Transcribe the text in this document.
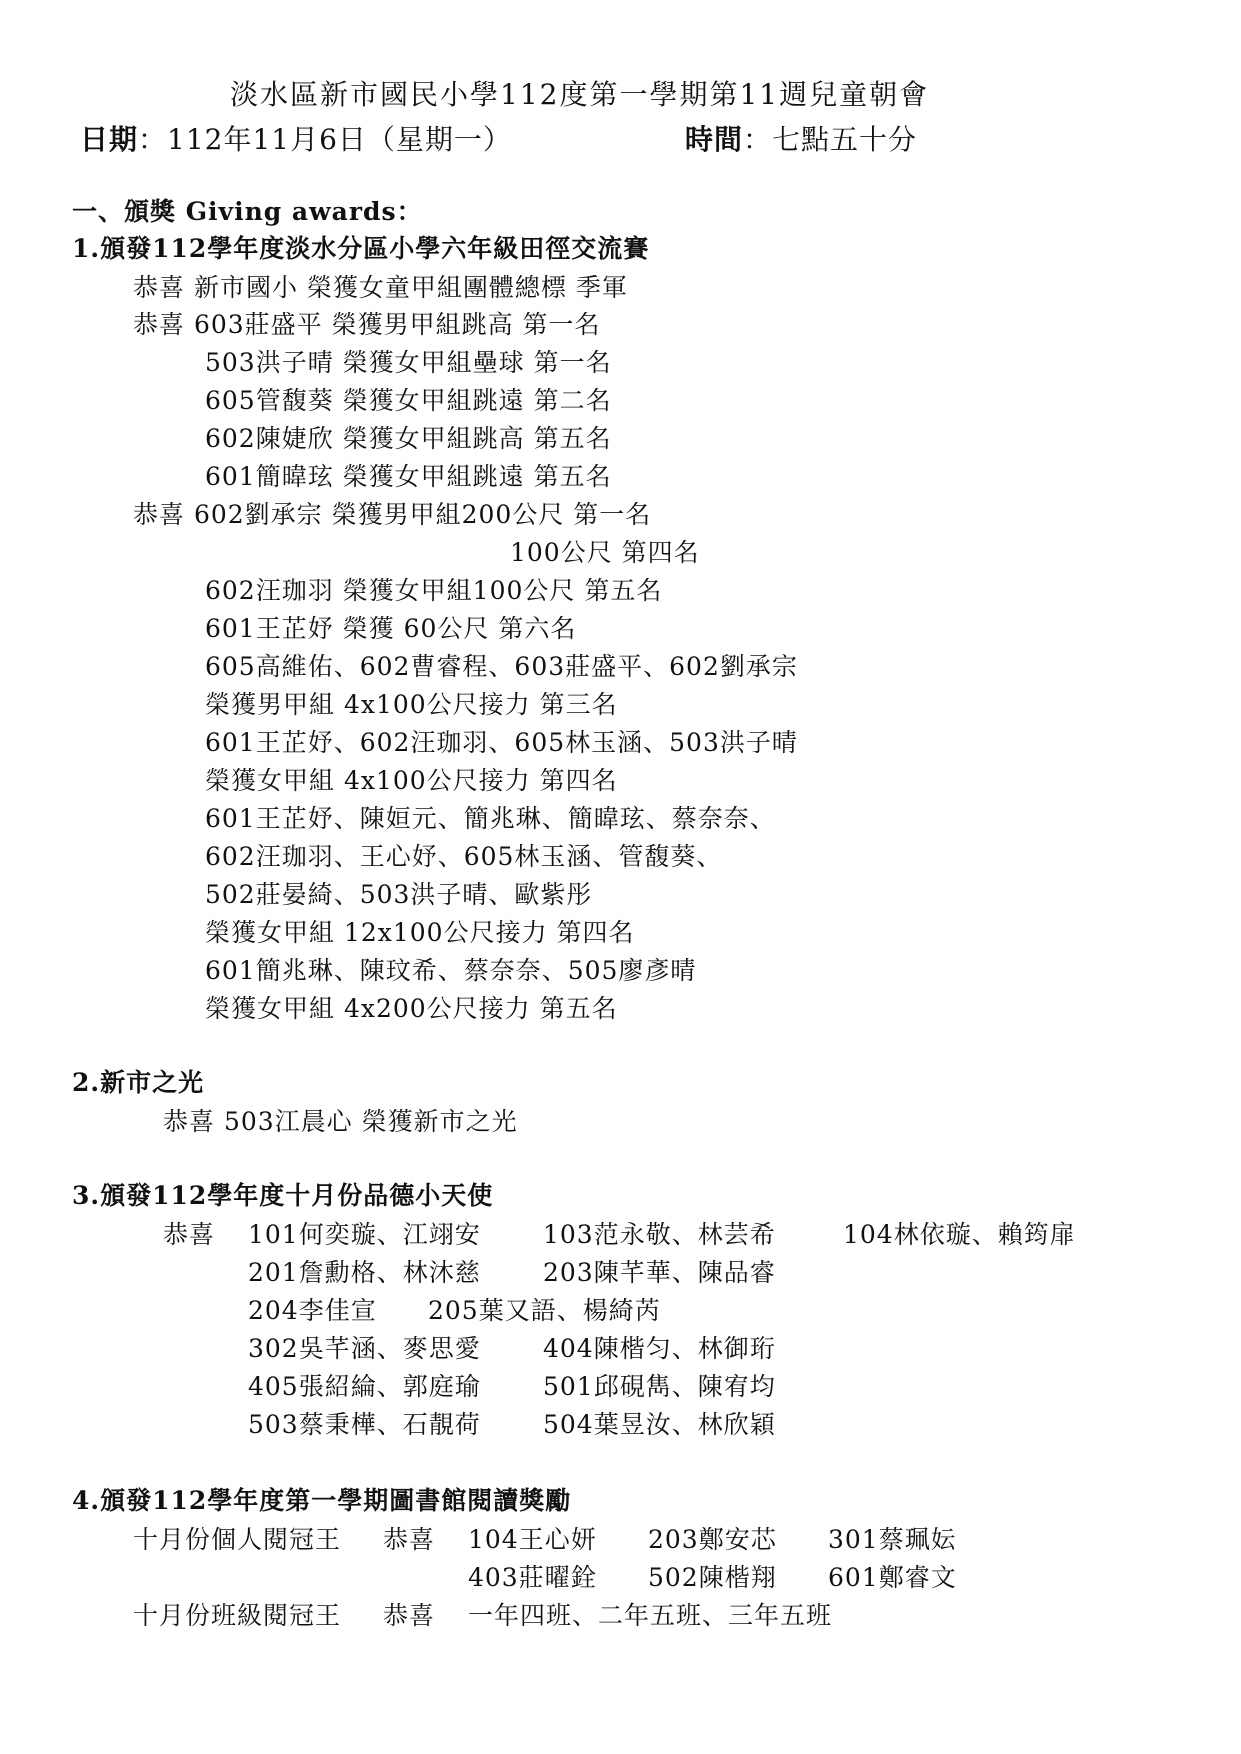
淡水區新市國民小學112度第一學期第11週兒童朝會
日期：112年11月6日（星期一）	時間：七點五十分
一、頒獎 Giving awards：
1.頒發112學年度淡水分區小學六年級田徑交流賽
恭喜 新市國小 榮獲女童甲組團體總標 季軍
恭喜 603莊盛平 榮獲男甲組跳高 第一名
503洪子晴 榮獲女甲組壘球 第一名
605管馥葵 榮獲女甲組跳遠 第二名
602陳婕欣 榮獲女甲組跳高 第五名
601簡暐玹 榮獲女甲組跳遠 第五名
恭喜 602劉承宗 榮獲男甲組200公尺 第一名
100公尺 第四名
602汪珈羽 榮獲女甲組100公尺 第五名
601王芷妤 榮獲 60公尺 第六名
605高維佑、602曹睿程、603莊盛平、602劉承宗
榮獲男甲組 4x100公尺接力 第三名
601王芷妤、602汪珈羽、605林玉涵、503洪子晴
榮獲女甲組 4x100公尺接力 第四名
601王芷妤、陳姮元、簡兆琳、簡暐玹、蔡奈奈、
602汪珈羽、王心妤、605林玉涵、管馥葵、
502莊晏綺、503洪子晴、歐紫彤
榮獲女甲組 12x100公尺接力 第四名
601簡兆琳、陳玟希、蔡奈奈、505廖彥晴
榮獲女甲組 4x200公尺接力 第五名
2.新市之光
恭喜 503江晨心 榮獲新市之光
3.頒發112學年度十月份品德小天使
恭喜 101何奕璇、江翊安 103范永敬、林芸希	104林依璇、賴筠扉
201詹勳格、林沐慈 203陳芊華、陳品睿
204李佳宣 205葉又語、楊綺芮
302吳芊涵、麥思愛 404陳楷匀、林御珩
405張紹綸、郭庭瑜 501邱硯雋、陳宥均
503蔡秉樺、石靚荷 504葉昱汝、林欣穎
4.頒發112學年度第一學期圖書館閱讀獎勵
十月份個人閱冠王 恭喜 104王心妍 203鄭安芯 301蔡珮妘
403莊曜銓 502陳楷翔 601鄭睿文
十月份班級閱冠王 恭喜 一年四班、二年五班、三年五班
